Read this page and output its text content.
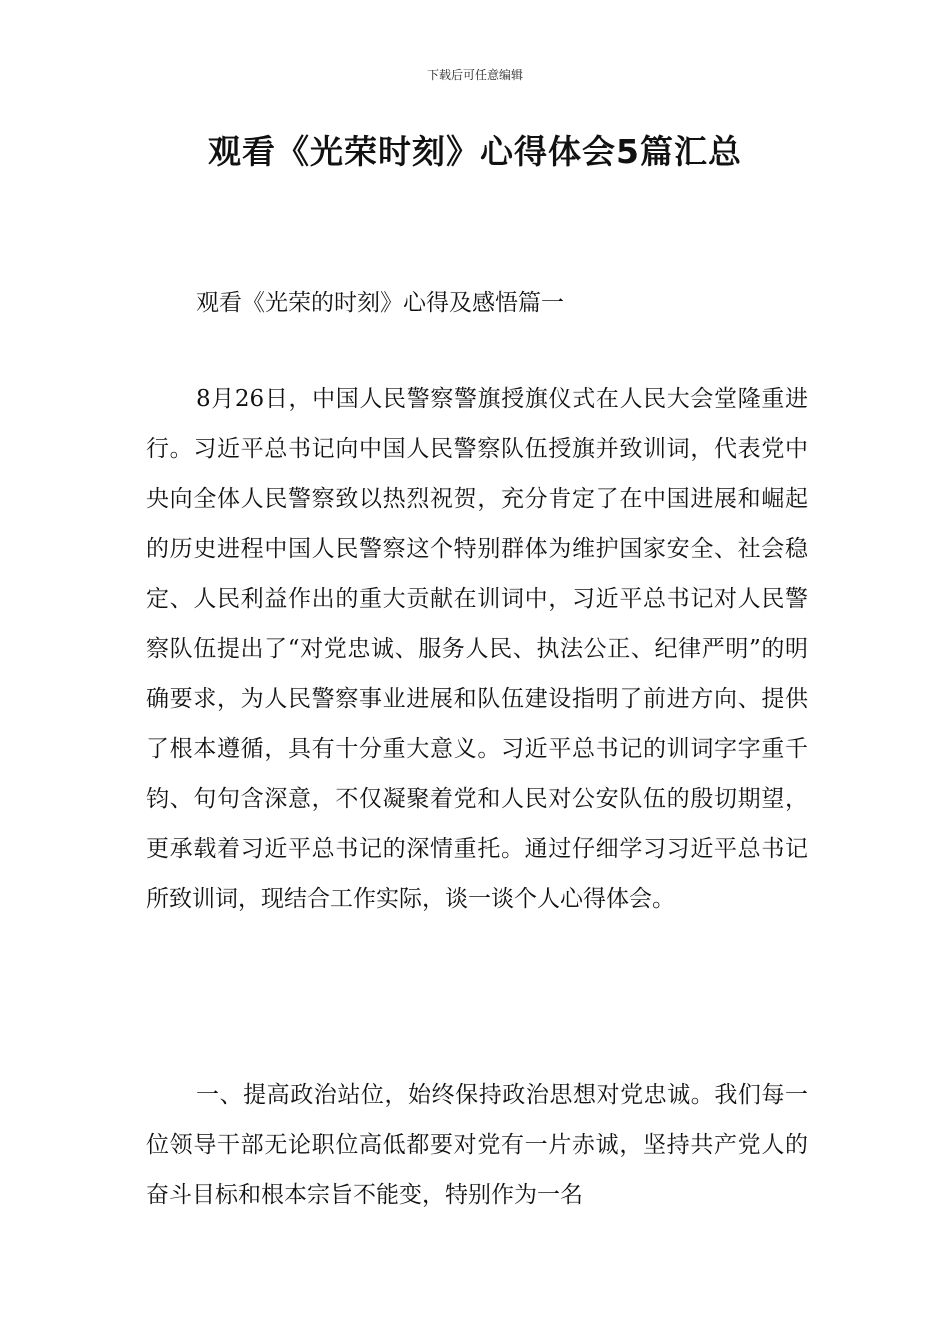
下载后可任意编辑
观看《光荣时刻》心得体会5篇汇总
观看《光荣的时刻》心得及感悟篇一

8月26日，中国人民警察警旗授旗仪式在人民大会堂隆重进行。习近平总书记向中国人民警察队伍授旗并致训词，代表党中央向全体人民警察致以热烈祝贺，充分肯定了在中国进展和崛起的历史进程中国人民警察这个特别群体为维护国家安全、社会稳定、人民利益作出的重大贡献在训词中，习近平总书记对人民警察队伍提出了“对党忠诚、服务人民、执法公正、纪律严明”的明确要求，为人民警察事业进展和队伍建设指明了前进方向、提供了根本遵循，具有十分重大意义。习近平总书记的训词字字重千钧、句句含深意，不仅凝聚着党和人民对公安队伍的殷切期望，更承载着习近平总书记的深情重托。通过仔细学习习近平总书记所致训词，现结合工作实际，谈一谈个人心得体会。

一、提高政治站位，始终保持政治思想对党忠诚。我们每一位领导干部无论职位高低都要对党有一片赤诚，坚持共产党人的奋斗目标和根本宗旨不能变，特别作为一名
